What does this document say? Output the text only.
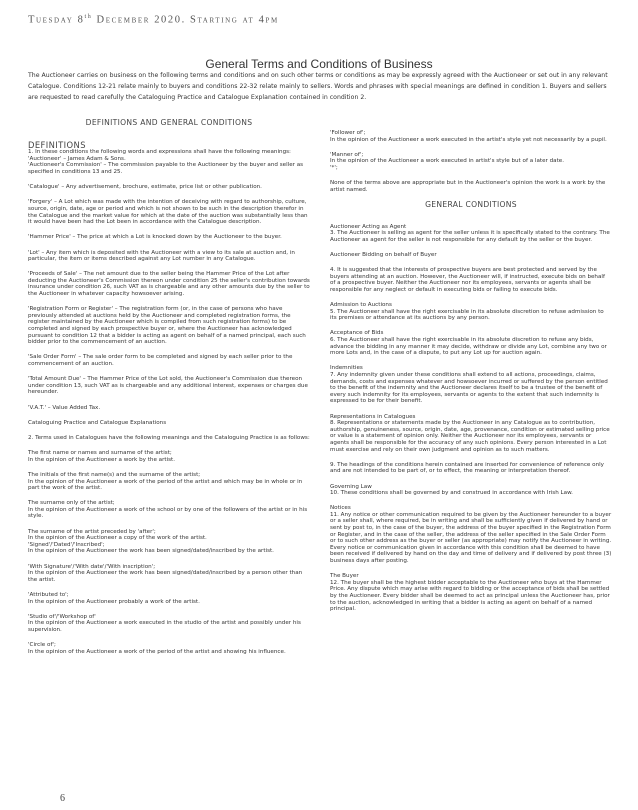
Tuesday 8th December 2020. Starting at 4pm
General Terms and Conditions of Business
The Auctioneer carries on business on the following terms and conditions and on such other terms or conditions as may be expressly agreed with the Auctioneer or set out in any relevant Catalogue. Conditions 12-21 relate mainly to buyers and conditions 22-32 relate mainly to sellers. Words and phrases with special meanings are defined in condition 1. Buyers and sellers are requested to read carefully the Cataloguing Practice and Catalogue Explanation contained in condition 2.

DEFINITIONS AND GENERAL CONDITIONS

DEFINITIONS

1. In these conditions the following words and expressions shall have the following meanings:
'Auctioneer' – James Adam & Sons.
'Auctioneer's Commission' – The commission payable to the Auctioneer by the buyer and seller as specified in conditions 13 and 25.

'Catalogue' – Any advertisement, brochure, estimate, price list or other publication.

'Forgery' – A Lot which was made with the intention of deceiving with regard to authorship, culture, source, origin, date, age or period and which is not shown to be such in the description therefor in the Catalogue and the market value for which at the date of the auction was substantially less than it would have been had the Lot been in accordance with the Catalogue description.

'Hammer Price' – The price at which a Lot is knocked down by the Auctioneer to the buyer.

'Lot' – Any item which is deposited with the Auctioneer with a view to its sale at auction and, in particular, the item or items described against any Lot number in any Catalogue.

'Proceeds of Sale' – The net amount due to the seller being the Hammer Price of the Lot after deducting the Auctioneer's Commission thereon under condition 25 the seller's contribution towards insurance under condition 26, such VAT as is chargeable and any other amounts due by the seller to the Auctioneer in whatever capacity howsoever arising.

'Registration Form or Register' – The registration form (or, in the case of persons who have previously attended at auctions held by the Auctioneer and completed registration forms, the register maintained by the Auctioneer which is compiled from such registration forms) to be completed and signed by each prospective buyer or, where the Auctioneer has acknowledged pursuant to condition 12 that a bidder is acting as agent on behalf of a named principal, each such bidder prior to the commencement of an auction.

'Sale Order Form' – The sale order form to be completed and signed by each seller prior to the commencement of an auction.

'Total Amount Due' – The Hammer Price of the Lot sold, the Auctioneer's Commission due thereon under condition 13, such VAT as is chargeable and any additional interest, expenses or charges due hereunder.

'V.A.T.' – Value Added Tax.

Cataloguing Practice and Catalogue Explanations

2. Terms used in Catalogues have the following meanings and the Cataloguing Practice is as follows:

The first name or names and surname of the artist;
In the opinion of the Auctioneer a work by the artist.

The initials of the first name(s) and the surname of the artist;
In the opinion of the Auctioneer a work of the period of the artist and which may be in whole or in part the work of the artist.

The surname only of the artist;
In the opinion of the Auctioneer a work of the school or by one of the followers of the artist or in his style.

The surname of the artist preceded by 'after';
In the opinion of the Auctioneer a copy of the work of the artist.
'Signed'/'Dated'/'Inscribed';
In the opinion of the Auctioneer the work has been signed/dated/inscribed by the artist.

'With Signature'/'With date'/'With inscription';
In the opinion of the Auctioneer the work has been signed/dated/inscribed by a person other than the artist.

'Attributed to';
In the opinion of the Auctioneer probably a work of the artist.

'Studio of'/'Workshop of'
In the opinion of the Auctioneer a work executed in the studio of the artist and possibly under his supervision.

'Circle of';
In the opinion of the Auctioneer a work of the period of the artist and showing his influence.

'Follower of';
In the opinion of the Auctioneer a work executed in the artist's style yet not necessarily by a pupil.

'Manner of';
In the opinion of the Auctioneer a work executed in artist's style but of a later date.
'*';

None of the terms above are appropriate but in the Auctioneer's opinion the work is a work by the artist named.

GENERAL CONDITIONS

Auctioneer Acting as Agent
3. The Auctioneer is selling as agent for the seller unless it is specifically stated to the contrary. The Auctioneer as agent for the seller is not responsible for any default by the seller or the buyer.

Auctioneer Bidding on behalf of Buyer

4. It is suggested that the interests of prospective buyers are best protected and served by the buyers attending at an auction. However, the Auctioneer will, if instructed, execute bids on behalf of a prospective buyer. Neither the Auctioneer nor its employees, servants or agents shall be responsible for any neglect or default in executing bids or failing to execute bids.

Admission to Auctions
5. The Auctioneer shall have the right exercisable in its absolute discretion to refuse admission to its premises or attendance at its auctions by any person.

Acceptance of Bids
6. The Auctioneer shall have the right exercisable in its absolute discretion to refuse any bids, advance the bidding in any manner it may decide, withdraw or divide any Lot, combine any two or more Lots and, in the case of a dispute, to put any Lot up for auction again.

Indemnities
7. Any indemnity given under these conditions shall extend to all actions, proceedings, claims, demands, costs and expenses whatever and howsoever incurred or suffered by the person entitled to the benefit of the indemnity and the Auctioneer declares itself to be a trustee of the benefit of every such indemnity for its employees, servants or agents to the extent that such indemnity is expressed to be for their benefit.

Representations in Catalogues
8. Representations or statements made by the Auctioneer in any Catalogue as to contribution, authorship, genuineness, source, origin, date, age, provenance, condition or estimated selling price or value is a statement of opinion only. Neither the Auctioneer nor its employees, servants or agents shall be responsible for the accuracy of any such opinions. Every person interested in a Lot must exercise and rely on their own judgment and opinion as to such matters.

9. The headings of the conditions herein contained are inserted for convenience of reference only and are not intended to be part of, or to effect, the meaning or interpretation thereof.

Governing Law
10. These conditions shall be governed by and construed in accordance with Irish Law.

Notices
11. Any notice or other communication required to be given by the Auctioneer hereunder to a buyer or a seller shall, where required, be in writing and shall be sufficiently given if delivered by hand or sent by post to, in the case of the buyer, the address of the buyer specified in the Registration Form or Register, and in the case of the seller, the address of the seller specified in the Sale Order Form or to such other address as the buyer or seller (as appropriate) may notify the Auctioneer in writing. Every notice or communication given in accordance with this condition shall be deemed to have been received if delivered by hand on the day and time of delivery and if delivered by post three (3) business days after posting.

The Buyer
12. The buyer shall be the highest bidder acceptable to the Auctioneer who buys at the Hammer Price. Any dispute which may arise with regard to bidding or the acceptance of bids shall be settled by the Auctioneer. Every bidder shall be deemed to act as principal unless the Auctioneer has, prior to the auction, acknowledged in writing that a bidder is acting as agent on behalf of a named principal.

6
